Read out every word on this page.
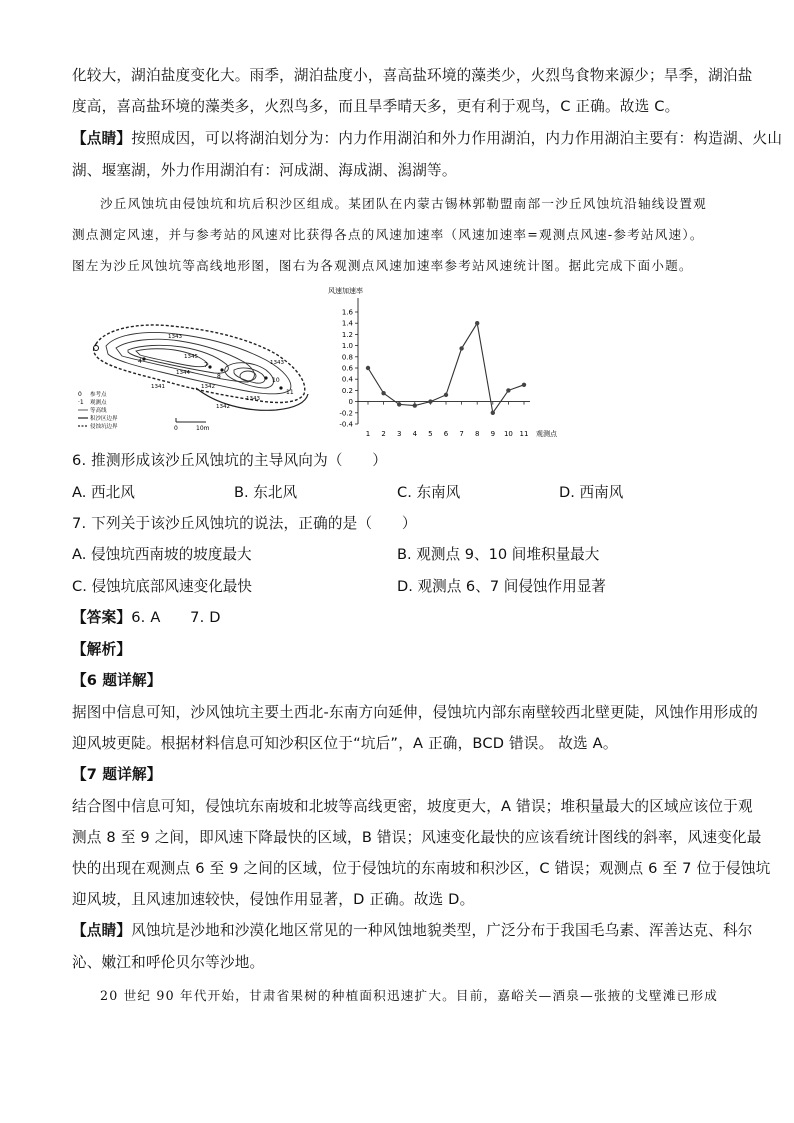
化较大，湖泊盐度变化大。雨季，湖泊盐度小，喜高盐环境的藻类少，火烈鸟食物来源少；旱季，湖泊盐
度高，喜高盐环境的藻类多，火烈鸟多，而且旱季晴天多，更有利于观鸟，C 正确。故选 C。
【点睛】按照成因，可以将湖泊划分为：内力作用湖泊和外力作用湖泊，内力作用湖泊主要有：构造湖、火山
湖、堰塞湖，外力作用湖泊有：河成湖、海成湖、潟湖等。
沙丘风蚀坑由侵蚀坑和坑后积沙区组成。某团队在内蒙古锡林郭勒盟南部一沙丘风蚀坑沿轴线设置观
测点测定风速，并与参考站的风速对比获得各点的风速加速率（风速加速率=观测点风速-参考站风速）。
图左为沙丘风蚀坑等高线地形图，图右为各观测点风速加速率参考站风速统计图。据此完成下面小题。
4
7
8
10
11
1343
1344
1345
1342
1343
1341
1343
1342
0 参考点
·1 观测点
等高线
积沙区边界
侵蚀坑边界	0	10m
风速加速率
观测点
-0.4
-0.2
0
0.2
0.4
0.6
0.8
1.0
1.2
1.4
1.6
1 2 3 4 5 6 7 8 9 10 11
6. 推测形成该沙丘风蚀坑的主导风向为（　　）
A. 西北风	B. 东北风	C. 东南风	D. 西南风
7. 下列关于该沙丘风蚀坑的说法，正确的是（　　）
A. 侵蚀坑西南坡的坡度最大	B. 观测点 9、10 间堆积量最大
C. 侵蚀坑底部风速变化最快	D. 观测点 6、7 间侵蚀作用显著
【答案】6. A　　7. D
【解析】
【6 题详解】
据图中信息可知，沙风蚀坑主要土西北-东南方向延伸，侵蚀坑内部东南壁较西北壁更陡，风蚀作用形成的
迎风坡更陡。根据材料信息可知沙积区位于“坑后”，A 正确，BCD 错误。 故选 A。
【7 题详解】
结合图中信息可知，侵蚀坑东南坡和北坡等高线更密，坡度更大，A 错误；堆积量最大的区域应该位于观
测点 8 至 9 之间，即风速下降最快的区域，B 错误；风速变化最快的应该看统计图线的斜率，风速变化最
快的出现在观测点 6 至 9 之间的区域，位于侵蚀坑的东南坡和积沙区，C 错误；观测点 6 至 7 位于侵蚀坑
迎风坡，且风速加速较快，侵蚀作用显著，D 正确。故选 D。
【点睛】风蚀坑是沙地和沙漠化地区常见的一种风蚀地貌类型，广泛分布于我国毛乌素、浑善达克、科尔
沁、嫩江和呼伦贝尔等沙地。
20 世纪 90 年代开始，甘肃省果树的种植面积迅速扩大。目前，嘉峪关—酒泉—张掖的戈壁滩已形成
